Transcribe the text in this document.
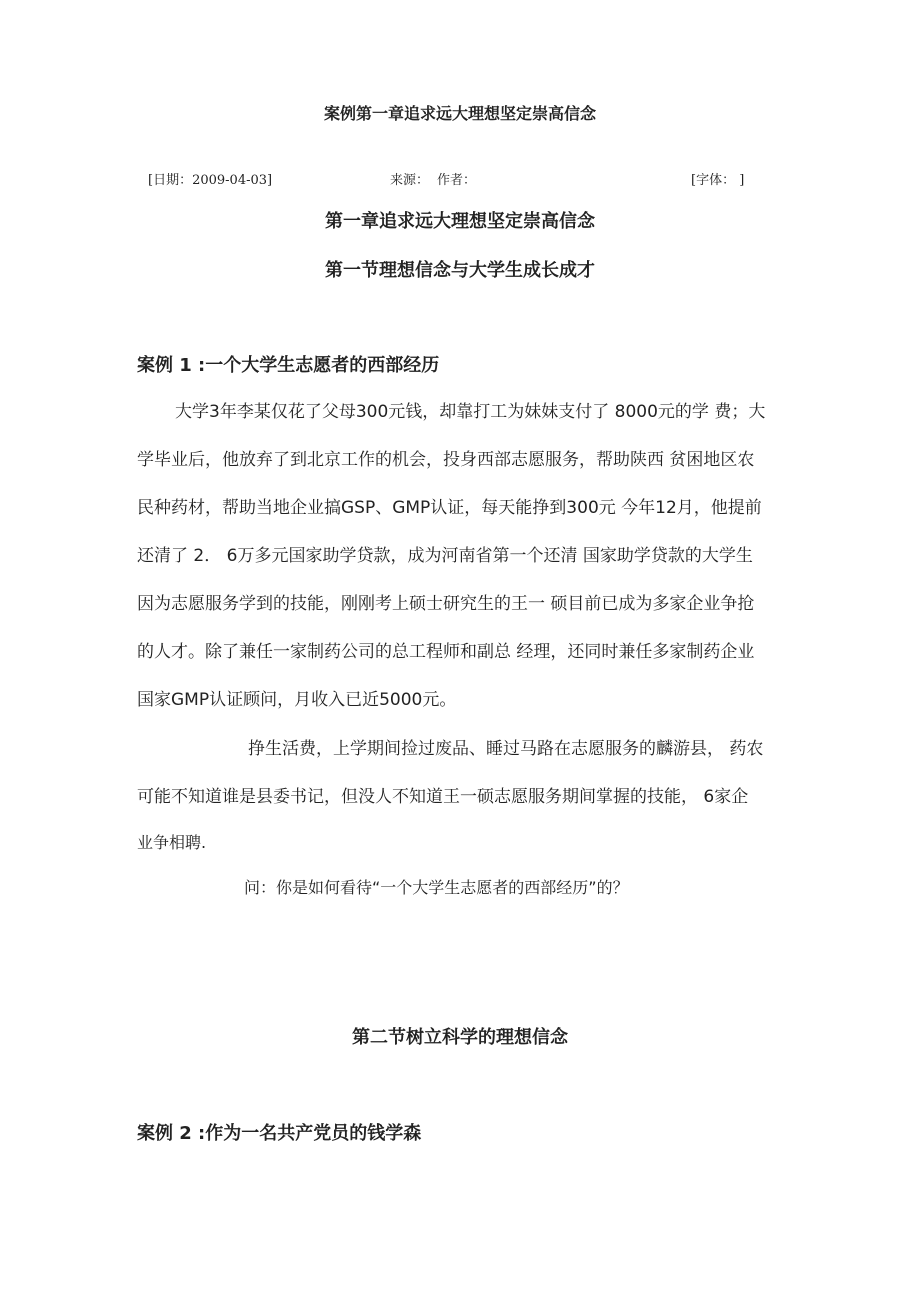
案例第一章追求远大理想坚定崇高信念
[日期：2009-04-03]	来源： 作者：	[字体： ]
第一章追求远大理想坚定崇高信念
第一节理想信念与大学生成长成才
案例 1 :一个大学生志愿者的西部经历
大学3年李某仅花了父母300元钱，却靠打工为妹妹支付了 8000元的学 费；大
学毕业后，他放弃了到北京工作的机会，投身西部志愿服务，帮助陕西 贫困地区农
民种药材，帮助当地企业搞GSP、GMP认证，每天能挣到300元 今年12月，他提前
还清了 2． 6万多元国家助学贷款，成为河南省第一个还清 国家助学贷款的大学生
因为志愿服务学到的技能，刚刚考上硕士研究生的王一 硕目前已成为多家企业争抢
的人才。除了兼任一家制药公司的总工程师和副总 经理，还同时兼任多家制药企业
国家GMP认证顾问，月收入已近5000元。
挣生活费，上学期间捡过废品、睡过马路在志愿服务的麟游县， 药农
可能不知道谁是县委书记，但没人不知道王一硕志愿服务期间掌握的技能， 6家企
业争相聘.
问：你是如何看待“一个大学生志愿者的西部经历”的？
第二节树立科学的理想信念
案例 2 :作为一名共产党员的钱学森
